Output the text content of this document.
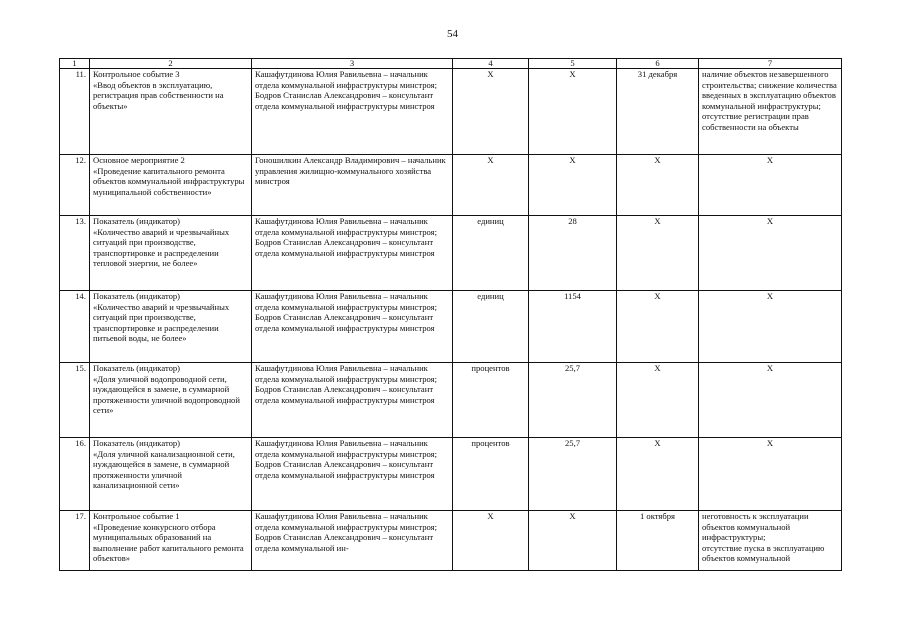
54
1	2	3	4	5	6	7

11.	Контрольное событие 3
«Ввод объектов в эксплуатацию, регистрация прав собственности на объекты»	Кашафутдинова Юлия Равильевна – начальник отдела коммунальной инфраструктуры минстроя;
Бодров Станислав Александрович – консультант отдела коммунальной инфраструктуры минстроя	Х	Х	31 декабря	наличие объектов незавершенного строительства; снижение количества введенных в эксплуатацию объектов коммунальной инфраструктуры;
отсутствие регистрации прав собственности на объекты

12.	Основное мероприятие 2
«Проведение капитального ремонта объектов коммунальной инфраструктуры муниципальной собственности»	Гоношилкин Александр Владимирович – начальник управления жилищно-коммунального хозяйства минстроя	Х	Х	Х	Х

13.	Показатель (индикатор)
«Количество аварий и чрезвычайных ситуаций при производстве, транспортировке и распределении тепловой энергии, не более»	Кашафутдинова Юлия Равильевна – начальник отдела коммунальной инфраструктуры минстроя;
Бодров Станислав Александрович – консультант отдела коммунальной инфраструктуры минстроя	единиц	28	Х	Х

14.	Показатель (индикатор)
«Количество аварий и чрезвычайных ситуаций при производстве, транспортировке и распределении питьевой воды, не более»	Кашафутдинова Юлия Равильевна – начальник отдела коммунальной инфраструктуры минстроя;
Бодров Станислав Александрович – консультант отдела коммунальной инфраструктуры минстроя	единиц	1154	Х	Х

15.	Показатель (индикатор)
«Доля уличной водопроводной сети, нуждающейся в замене, в суммарной протяженности уличной водопроводной сети»	Кашафутдинова Юлия Равильевна – начальник отдела коммунальной инфраструктуры минстроя;
Бодров Станислав Александрович – консультант отдела коммунальной инфраструктуры минстроя	процентов	25,7	Х	Х

16.	Показатель (индикатор)
«Доля уличной канализационной сети, нуждающейся в замене, в суммарной протяженности уличной канализационной сети»	Кашафутдинова Юлия Равильевна – начальник отдела коммунальной инфраструктуры минстроя;
Бодров Станислав Александрович – консультант отдела коммунальной инфраструктуры минстроя	процентов	25,7	Х	Х

17.	Контрольное событие 1
«Проведение конкурсного отбора муниципальных образований на выполнение работ капитального ремонта объектов»	Кашафутдинова Юлия Равильевна – начальник отдела коммунальной инфраструктуры минстроя;
Бодров Станислав Александрович – консультант отдела коммунальной ин-	Х	Х	1 октября	неготовность к эксплуатации объектов коммунальной инфраструктуры;
отсутствие пуска в эксплуатацию объектов коммунальной
